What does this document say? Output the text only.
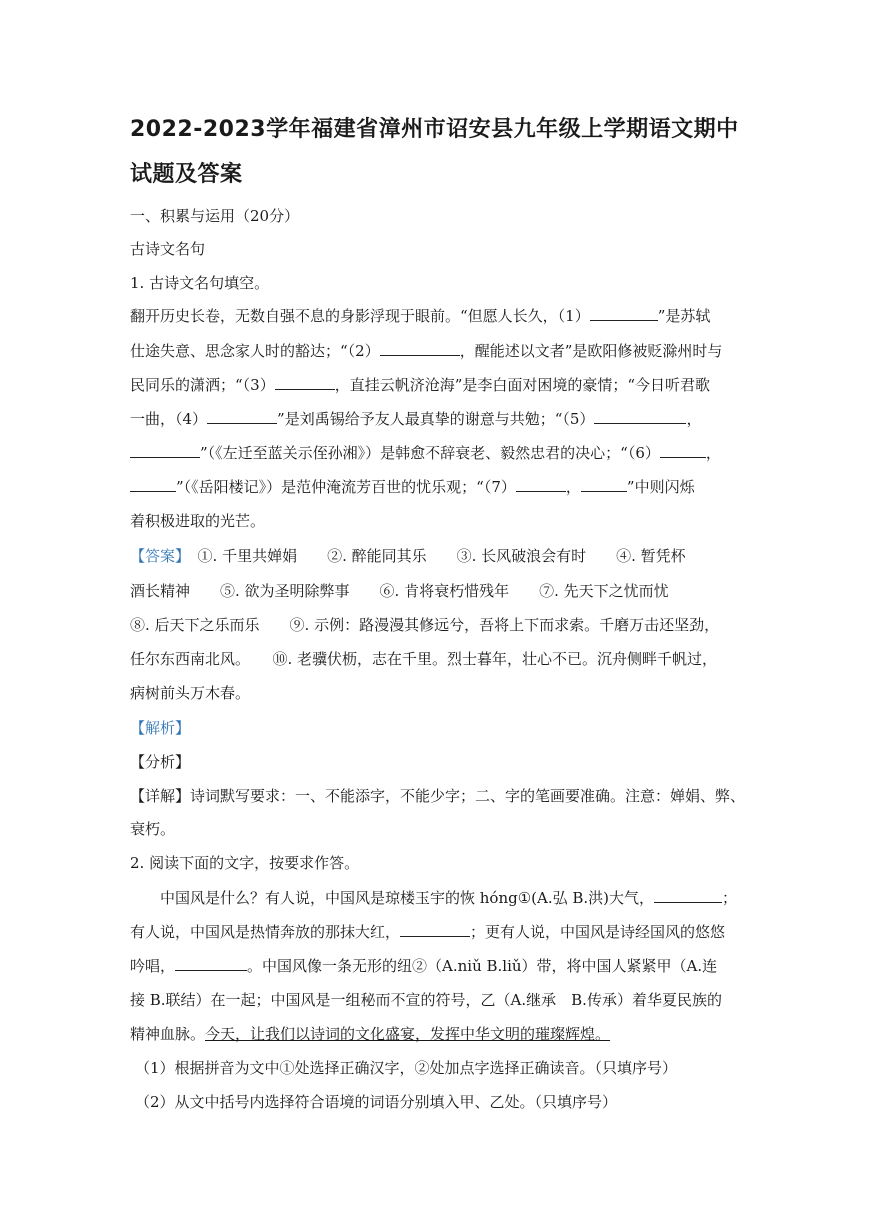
2022-2023学年福建省漳州市诏安县九年级上学期语文期中
试题及答案
一、积累与运用（20分）
古诗文名句
1. 古诗文名句填空。
翻开历史长卷，无数自强不息的身影浮现于眼前。“但愿人长久，（1）	”是苏轼
仕途失意、思念家人时的豁达；“（2）	，醒能述以文者”是欧阳修被贬滁州时与
民同乐的潇洒；“（3）	，直挂云帆济沧海”是李白面对困境的豪情；“今日听君歌
一曲，（4）	”是刘禹锡给予友人最真挚的谢意与共勉；“（5）	，
”（《左迁至蓝关示侄孙湘》）是韩愈不辞衰老、毅然忠君的决心；“（6）	，
”（《岳阳楼记》）是范仲淹流芳百世的忧乐观；“（7）	，	”中则闪烁
着积极进取的光芒。
【答案】　 ①. 千里共婵娟　　②. 醉能同其乐　　③. 长风破浪会有时　　④. 暂凭杯
酒长精神　　⑤. 欲为圣明除弊事　　⑥. 肯将衰朽惜残年　　⑦. 先天下之忧而忧
⑧. 后天下之乐而乐　　⑨. 示例：路漫漫其修远兮，吾将上下而求索。千磨万击还坚劲，
任尔东西南北风。　　⑩. 老骥伏枥，志在千里。烈士暮年，壮心不已。沉舟侧畔千帆过，
病树前头万木春。
【解析】
【分析】
【详解】诗词默写要求：一、不能添字，不能少字；二、字的笔画要准确。注意：婵娟、弊、
衰朽。
2. 阅读下面的文字，按要求作答。
中国风是什么？有人说，中国风是琼楼玉宇的恢 hóng①(A.弘 B.洪)大气，	；
有人说，中国风是热情奔放的那抹大红，	；更有人说，中国风是诗经国风的悠悠
吟唱，	。中国风像一条无形的纽②（A.niǔ B.liǔ）带，将中国人紧紧甲（A.连
接 B.联结）在一起；中国风是一组秘而不宣的符号，乙（A.继承　B.传承）着华夏民族的
精神血脉。今天，让我们以诗词的文化盛宴，发挥中华文明的璀璨辉煌。
（1）根据拼音为文中①处选择正确汉字，②处加点字选择正确读音。（只填序号）
（2）从文中括号内选择符合语境的词语分别填入甲、乙处。（只填序号）
